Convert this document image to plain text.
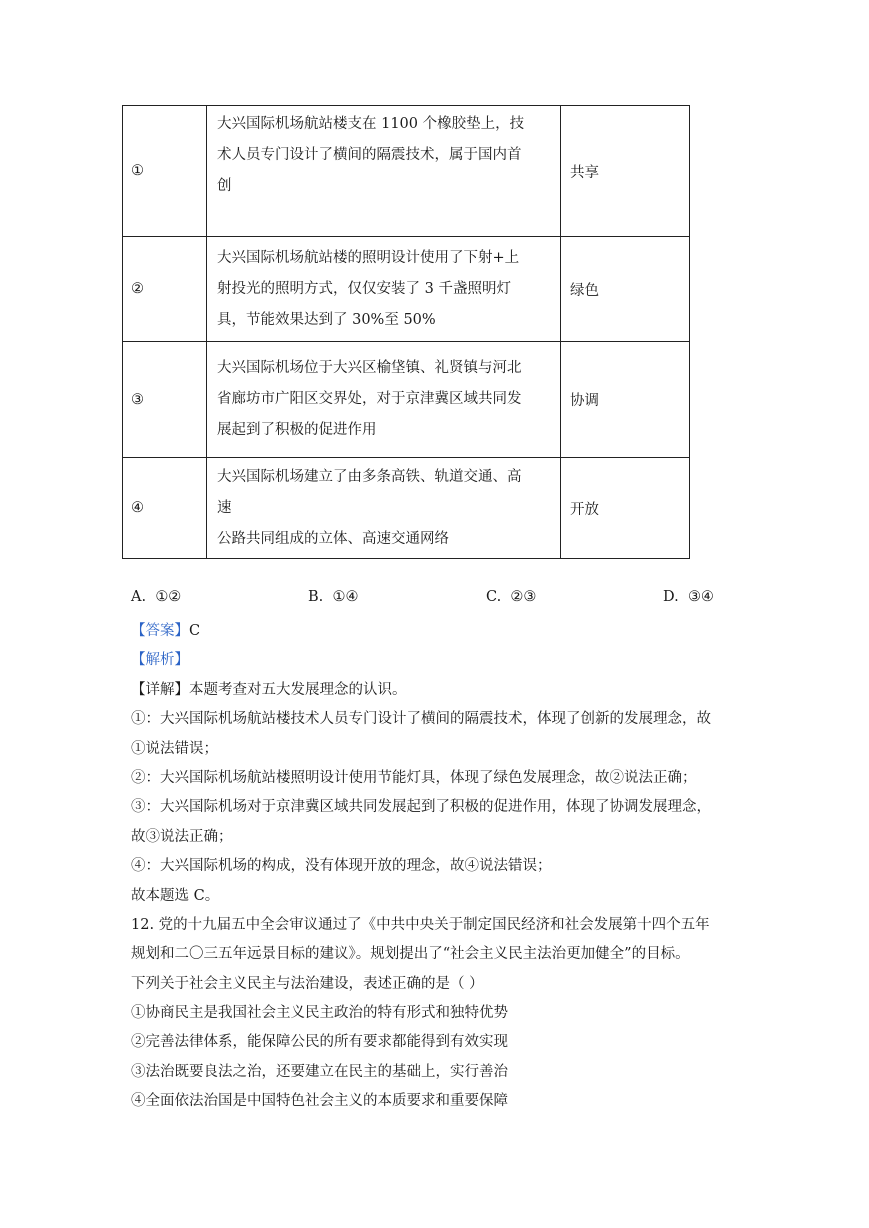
①	大兴国际机场航站楼支在 1100 个橡胶垫上，技
术人员专门设计了横间的隔震技术，属于国内首
创	共享
②	大兴国际机场航站楼的照明设计使用了下射+上
射投光的照明方式，仅仅安装了 3 千盏照明灯
具，节能效果达到了 30%至 50%	绿色
③	大兴国际机场位于大兴区榆垡镇、礼贤镇与河北
省廊坊市广阳区交界处，对于京津冀区域共同发
展起到了积极的促进作用	协调
④	大兴国际机场建立了由多条高铁、轨道交通、高
速
公路共同组成的立体、高速交通网络	开放
A. ①②	B. ①④	C. ②③	D. ③④
【答案】C
【解析】
【详解】本题考查对五大发展理念的认识。
①：大兴国际机场航站楼技术人员专门设计了横间的隔震技术，体现了创新的发展理念，故
①说法错误；
②：大兴国际机场航站楼照明设计使用节能灯具，体现了绿色发展理念，故②说法正确；
③：大兴国际机场对于京津冀区域共同发展起到了积极的促进作用，体现了协调发展理念，
故③说法正确；
④：大兴国际机场的构成，没有体现开放的理念，故④说法错误；
故本题选 C。
12. 党的十九届五中全会审议通过了《中共中央关于制定国民经济和社会发展第十四个五年
规划和二〇三五年远景目标的建议》。规划提出了“社会主义民主法治更加健全”的目标。
下列关于社会主义民主与法治建设，表述正确的是（ ）
①协商民主是我国社会主义民主政治的特有形式和独特优势
②完善法律体系，能保障公民的所有要求都能得到有效实现
③法治既要良法之治，还要建立在民主的基础上，实行善治
④全面依法治国是中国特色社会主义的本质要求和重要保障
